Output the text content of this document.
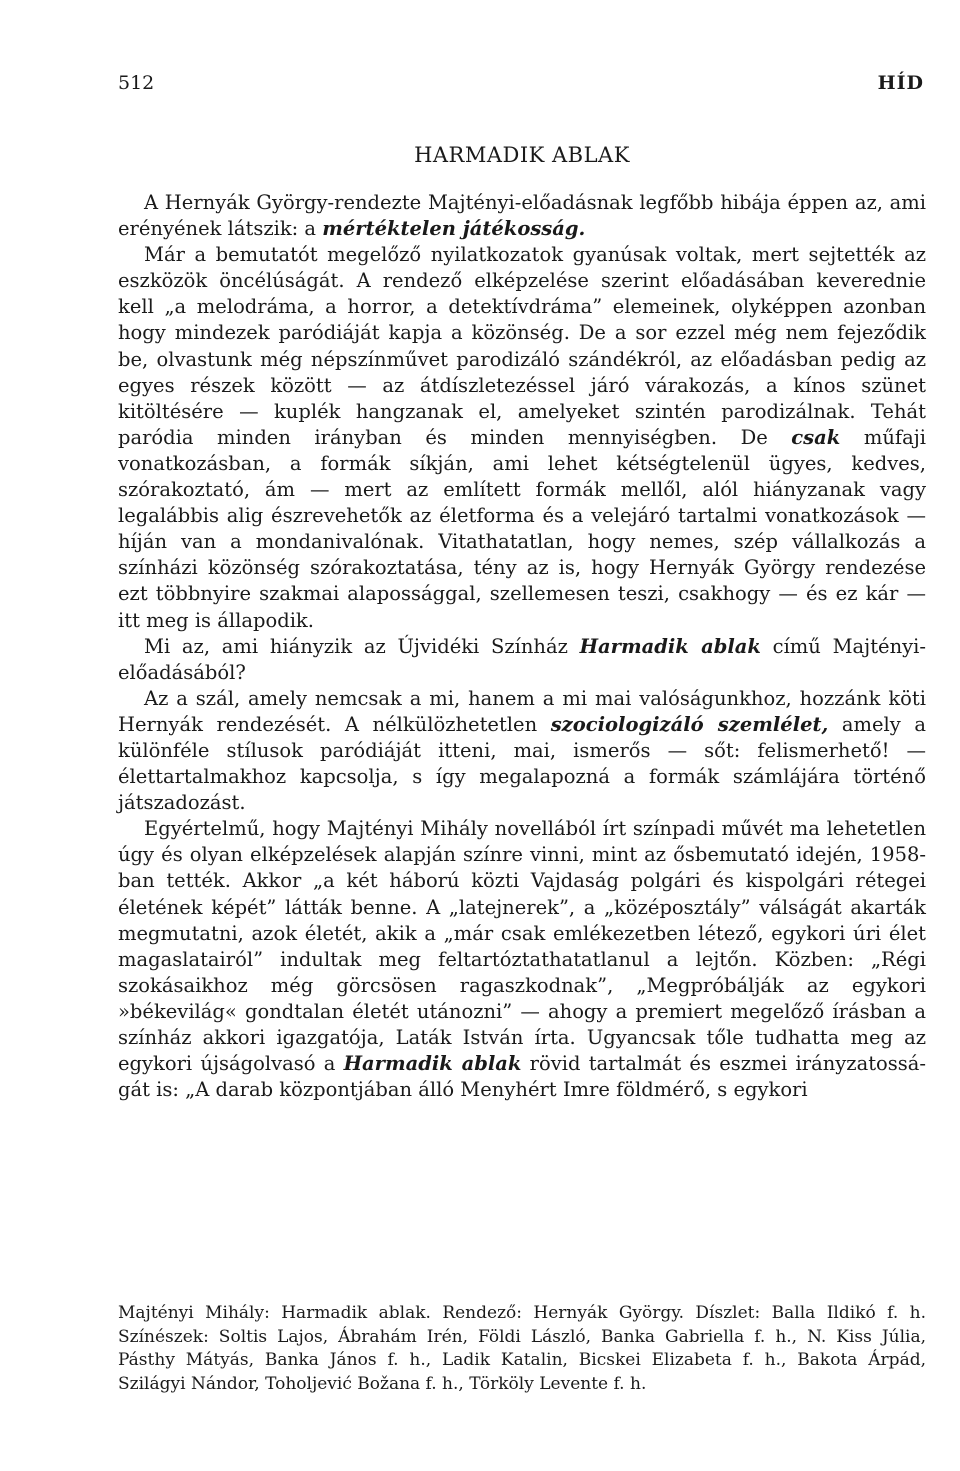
512	HÍD
HARMADIK ABLAK

A Hernyák György-rendezte Majtényi-előadásnak legfőbb hibája éppen az, ami erényének látszik: a mértéktelen játékosság.

Már a bemutatót megelőző nyilatkozatok gyanúsak voltak, mert sejtették az eszközök öncélúságát. A rendező elképzelése szerint előadásában keverednie kell „a melodráma, a horror, a detektívdráma” elemeinek, olyképpen azonban hogy mindezek paródiáját kapja a közönség. De a sor ezzel még nem fejeződik be, olvastunk még népszínművet parodizáló szándékról, az előadásban pedig az egyes részek között — az átdíszletezéssel járó várakozás, a kínos szünet kitöltésére — kuplék hangzanak el, amelyeket szintén parodizálnak. Tehát paródia minden irányban és minden mennyiségben. De csak műfaji vonatkozásban, a formák síkján, ami lehet kétségtelenül ügyes, kedves, szórakoztató, ám — mert az említett formák mellől, alól hiányzanak vagy legalábbis alig észrevehetők az életforma és a velejáró tartalmi vonatkozások — híján van a mondanivalónak. Vitathatatlan, hogy nemes, szép vállalkozás a színházi közönség szórakoztatása, tény az is, hogy Hernyák György rendezése ezt többnyire szakmai alapossággal, szellemesen teszi, csakhogy — és ez kár — itt meg is állapodik.

Mi az, ami hiányzik az Újvidéki Színház Harmadik ablak című Majtényi-előadásából?

Az a szál, amely nemcsak a mi, hanem a mi mai valóságunkhoz, hozzánk köti Hernyák rendezését. A nélkülözhetetlen szociologizáló szemlélet, amely a különféle stílusok paródiáját itteni, mai, ismerős — sőt: felismerhető! — élettartalmakhoz kapcsolja, s így megalapozná a formák számlájára történő játszadozást.

Egyértelmű, hogy Majtényi Mihály novellából írt színpadi művét ma lehetetlen úgy és olyan elképzelések alapján színre vinni, mint az ősbemutató idején, 1958-ban tették. Akkor „a két háború közti Vajdaság polgári és kispolgári rétegei életének képét” látták benne. A „latejnerek”, a „középosztály” válságát akarták megmutatni, azok életét, akik a „már csak emlékezetben létező, egykori úri élet magaslatairól” indultak meg feltartóztathatatlanul a lejtőn. Közben: „Régi szokásaikhoz még görcsösen ragaszkodnak”, „Megpróbálják az egykori »békevilág« gondtalan életét utánozni” — ahogy a premiert megelőző írásban a színház akkori igazgatója, Laták István írta. Ugyancsak tőle tudhatta meg az egykori újságolvasó a Harmadik ablak rövid tartalmát és eszmei irányzatosságát is: „A darab központjában álló Menyhért Imre földmérő, s egykori

Majtényi Mihály: Harmadik ablak. Rendező: Hernyák György. Díszlet: Balla Ildikó f. h. Színészek: Soltis Lajos, Ábrahám Irén, Földi László, Banka Gabriella f. h., N. Kiss Júlia, Pásthy Mátyás, Banka János f. h., Ladik Katalin, Bicskei Elizabeta f. h., Bakota Árpád, Szilágyi Nándor, Toholjević Božana f. h., Törköly Levente f. h.
